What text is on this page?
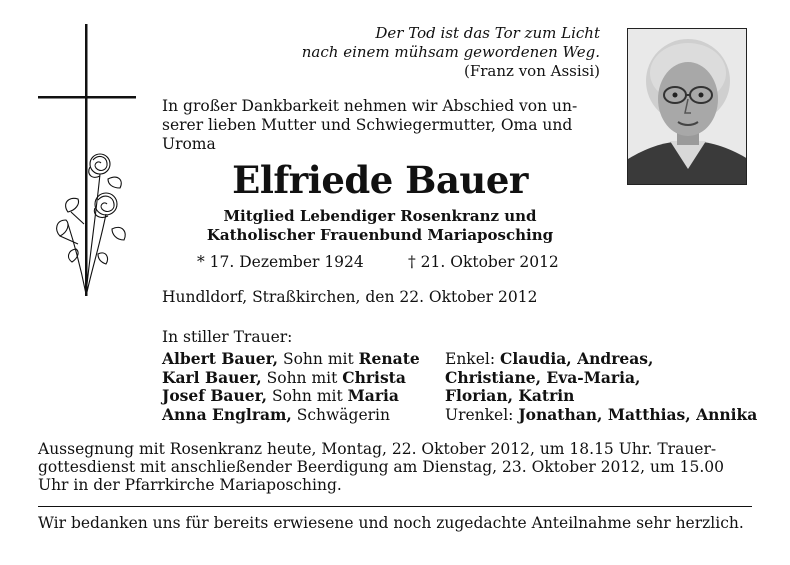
Der Tod ist das Tor zum Licht
nach einem mühsam gewordenen Weg.
(Franz von Assisi)
In großer Dankbarkeit nehmen wir Abschied von un-
serer lieben Mutter und Schwiegermutter, Oma und
Uroma
Elfriede Bauer
Mitglied Lebendiger Rosenkranz und
Katholischer Frauenbund Mariaposching
* 17. Dezember 1924	† 21. Oktober 2012
Hundldorf, Straßkirchen, den 22. Oktober 2012
In stiller Trauer:
Albert Bauer, Sohn mit Renate
Karl Bauer, Sohn mit Christa
Josef Bauer, Sohn mit Maria
Anna Englram, Schwägerin
Enkel: Claudia, Andreas,
Christiane, Eva-Maria,
Florian, Katrin
Urenkel: Jonathan, Matthias, Annika
Aussegnung mit Rosenkranz heute, Montag, 22. Oktober 2012, um 18.15 Uhr. Trauer-
gottesdienst mit anschließender Beerdigung am Dienstag, 23. Oktober 2012, um 15.00
Uhr in der Pfarrkirche Mariaposching.
Wir bedanken uns für bereits erwiesene und noch zugedachte Anteilnahme sehr herzlich.
